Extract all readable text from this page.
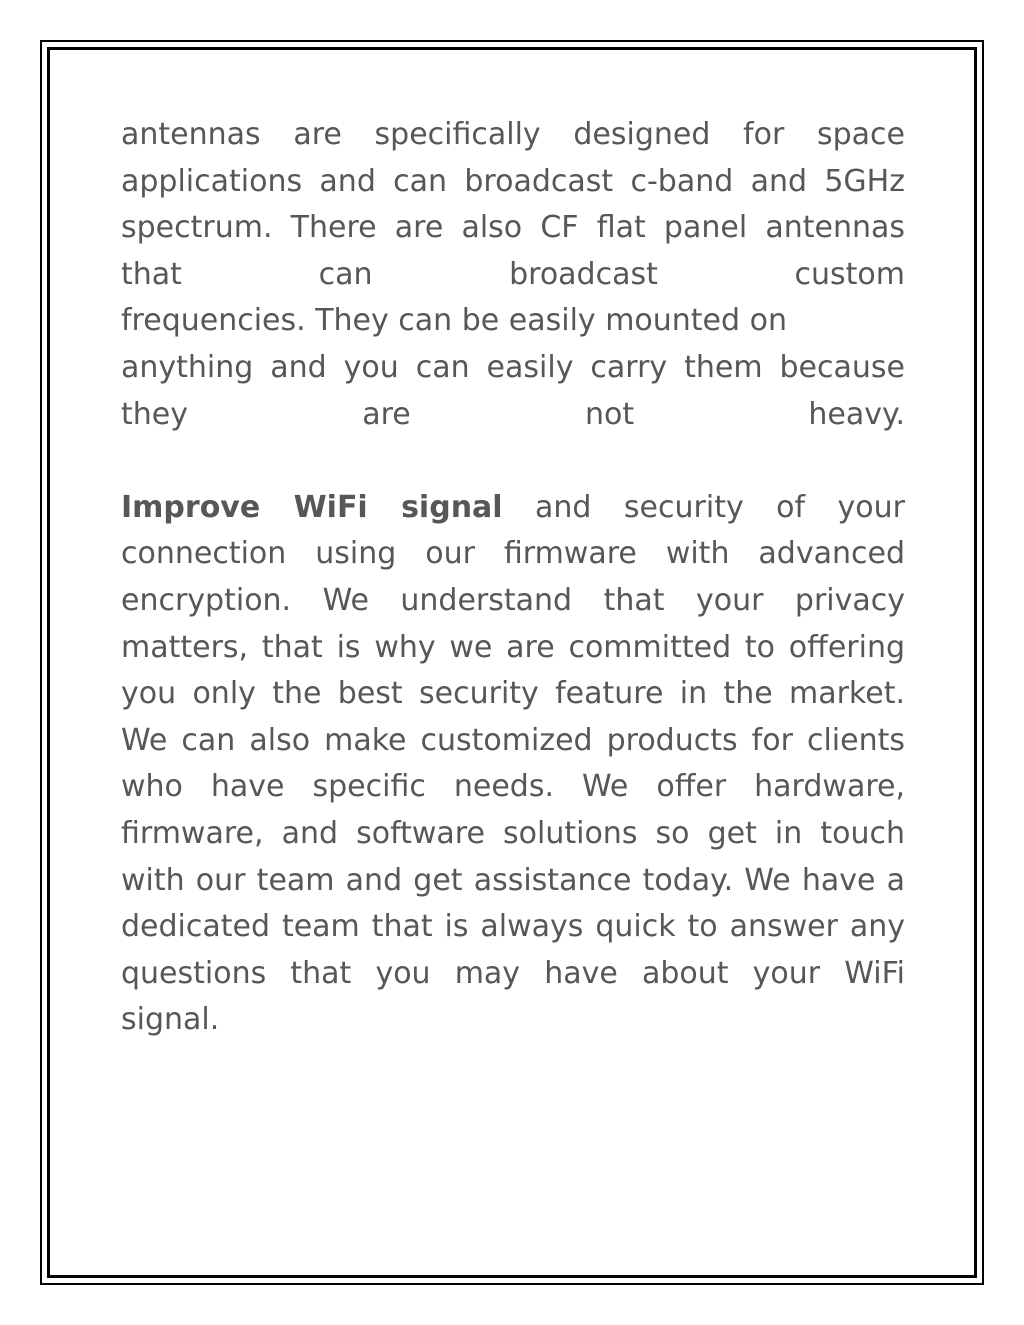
antennas are specifically designed for space applications and can broadcast c-band and 5GHz spectrum. There are also CF flat panel antennas that can broadcast custom

frequencies. They can be easily mounted on

anything and you can easily carry them because they are not heavy.

Improve WiFi signal and security of your connection using our firmware with advanced encryption. We understand that your privacy matters, that is why we are committed to offering you only the best security feature in the market. We can also make customized products for clients who have specific needs. We offer hardware, firmware, and software solutions so get in touch with our team and get assistance today. We have a dedicated team that is always quick to answer any questions that you may have about your WiFi signal.
